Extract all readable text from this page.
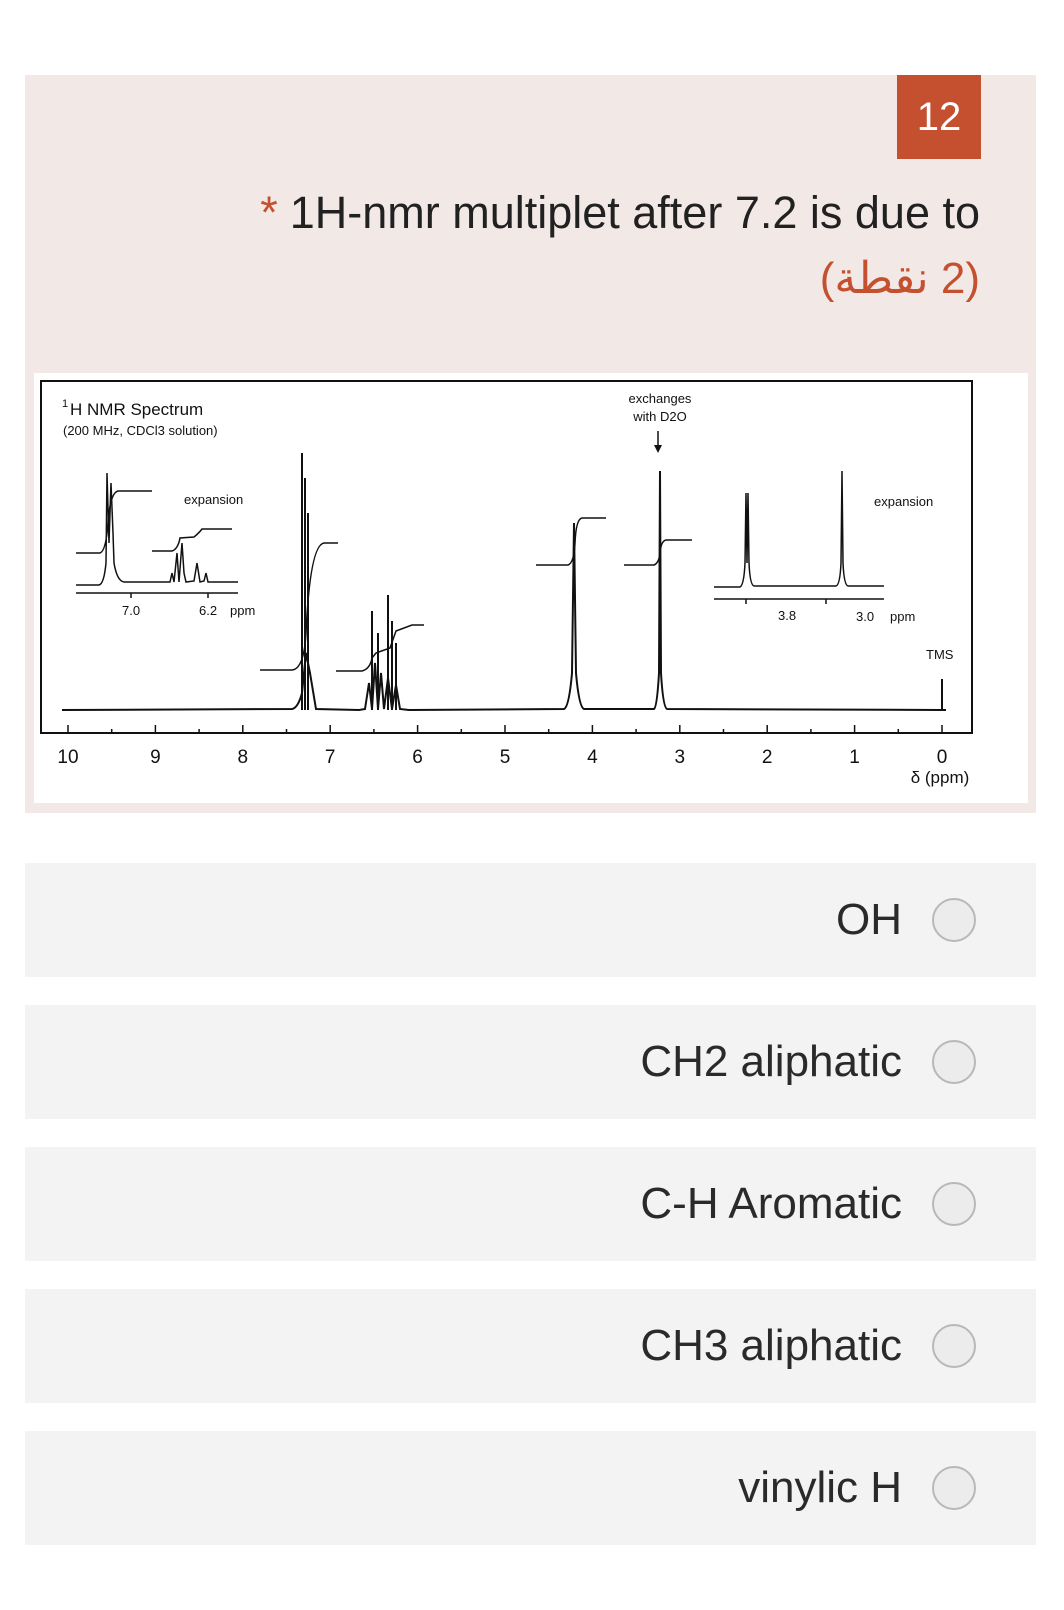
12
* 1H-nmr multiplet after 7.2 is due to
(2 نقطة)
1 H NMR Spectrum
(200 MHz, CDCl3 solution)
exchanges
with D2O
expansion
7.0	6.2 ppm
expansion
3.8	3.0 ppm
TMS
10	9	8	7	6	5	4	3	2	1	0
δ (ppm)
OH
CH2 aliphatic
C-H Aromatic
CH3 aliphatic
vinylic H
